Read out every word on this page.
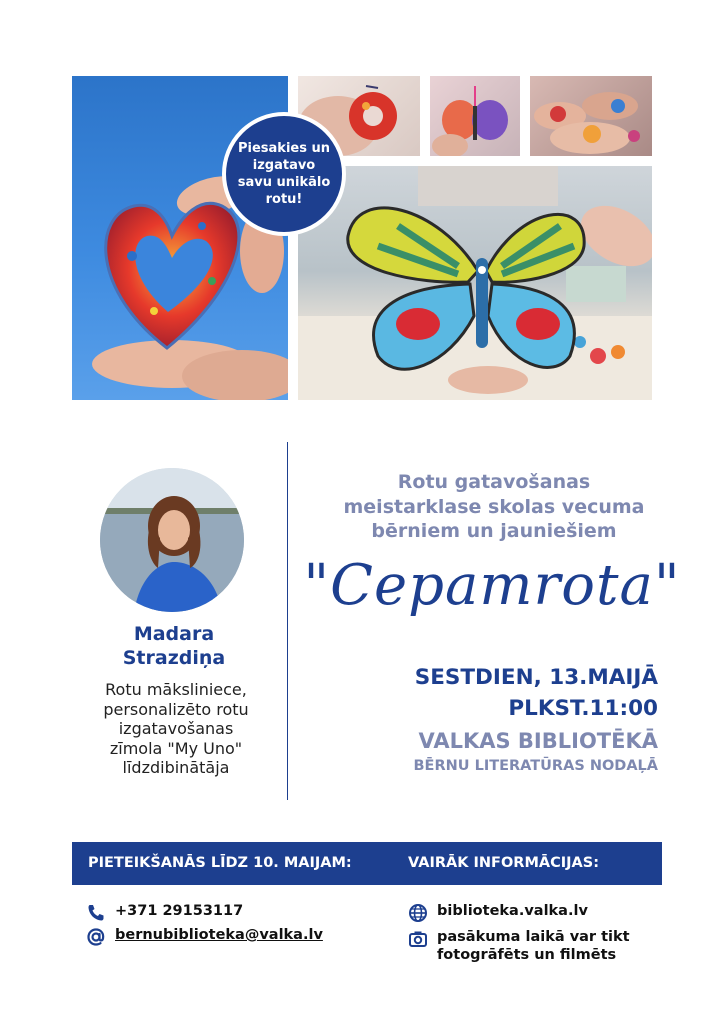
Piesakies un
izgatavo
savu unikālo
rotu!
Madara
Strazdiņa
Rotu māksliniece,
personalizēto rotu
izgatavošanas
zīmola "My Uno"
līdzdibinātāja
Rotu gatavošanas
meistarklase skolas vecuma
bērniem un jauniešiem
"Cepamrota"
SESTDIEN, 13.MAIJĀ
PLKST.11:00
VALKAS BIBLIOTĒKĀ
BĒRNU LITERATŪRAS NODAĻĀ
PIETEIKŠANĀS LĪDZ 10. MAIJAM:	VAIRĀK INFORMĀCIJAS:
+371 29153117
bernubiblioteka@valka.lv
biblioteka.valka.lv
pasākuma laikā var tikt
fotogrāfēts un filmēts
